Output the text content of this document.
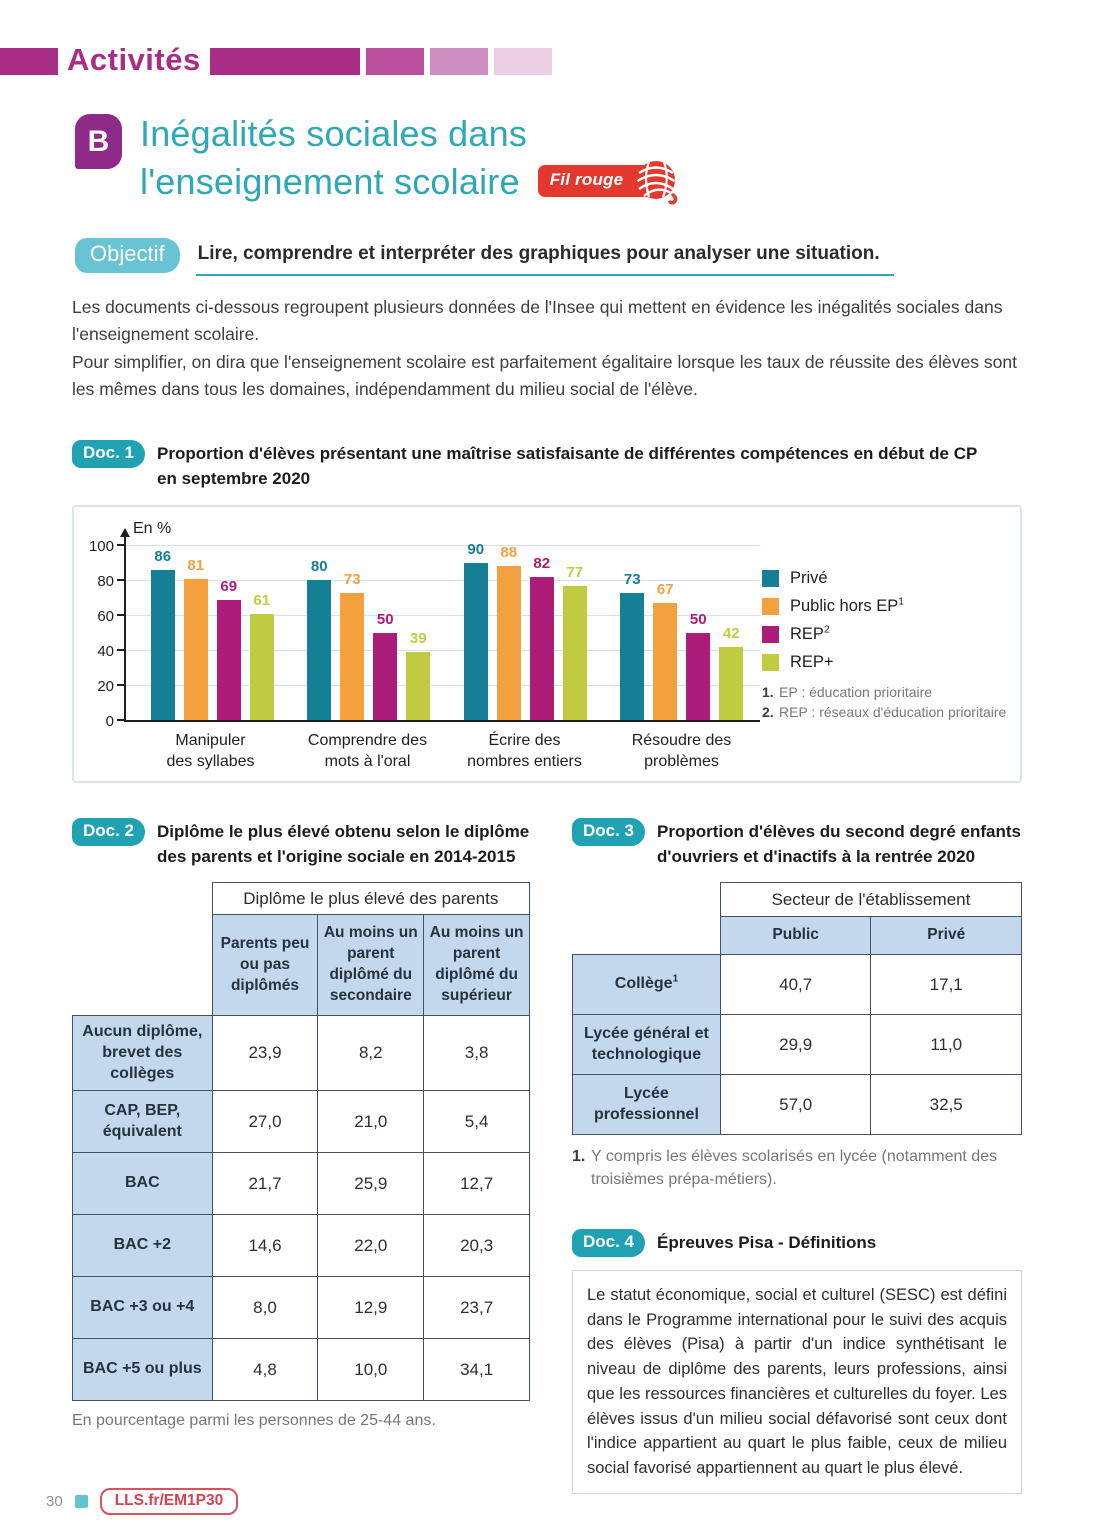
Activités
B Inégalités sociales dans
l'enseignement scolaire Fil rouge
Objectif	Lire, comprendre et interpréter des graphiques pour analyser une situation.

Les documents ci-dessous regroupent plusieurs données de l'Insee qui mettent en évidence les inégalités sociales dans l'enseignement scolaire.

Pour simplifier, on dira que l'enseignement scolaire est parfaitement égalitaire lorsque les taux de réussite des élèves sont les mêmes dans tous les domaines, indépendamment du milieu social de l'élève.

Doc. 1	Proportion d'élèves présentant une maîtrise satisfaisante de différentes compétences en début de CP
en septembre 2020
En %
0
20
40
60
80
100
86
81
69
61
80
73
50
39
90 88
82
77	73
67
50
42
Manipuler
des syllabes
Comprendre des
mots à l'oral
Écrire des
nombres entiers
Résoudre des
problèmes
Privé
Public hors $EP^1$
REP$^2$
REP+

1. EP : éducation prioritaire

2. REP : réseaux d'éducation prioritaire

Doc. 2	Diplôme le plus élevé obtenu selon le diplôme
des parents et l'origine sociale en 2014-2015
	Diplôme le plus élevé des parents		
	Parents peu ou pas diplômés	Au moins un parent diplômé du secondaire	Au moins un parent diplômé du supérieur
Aucun diplôme, brevet des collèges	23,9	8,2	3,8
CAP, BEP, équivalent	27,0	21,0	5,4
BAC	21,7	25,9	12,7
BAC +2	14,6	22,0	20,3
BAC +3 ou +4	8,0	12,9	23,7
BAC +5 ou plus	4,8	10,0	34,1

En pourcentage parmi les personnes de 25-44 ans.

Doc. 3	Proportion d'élèves du second degré enfants
d'ouvriers et d'inactifs à la rentrée 2020
	Secteur de l'établissement	
	Public	Privé
Collège$^1$	40,7	17,1
Lycée général et technologique	29,9	11,0
Lycée professionnel	57,0	32,5

1. Y compris les élèves scolarisés en lycée (notamment des troisièmes prépa-métiers).

Doc. 4	Épreuves Pisa - Définitions

Le statut économique, social et culturel (SESC) est défini dans le Programme international pour le suivi des acquis des élèves (Pisa) à partir d'un indice synthétisant le niveau de diplôme des parents, leurs professions, ainsi que les ressources financières et culturelles du foyer. Les élèves issus d'un milieu social défavorisé sont ceux dont l'indice appartient au quart le plus faible, ceux de milieu social favorisé appartiennent au quart le plus élevé.

30	LLS.fr/EM1P30
